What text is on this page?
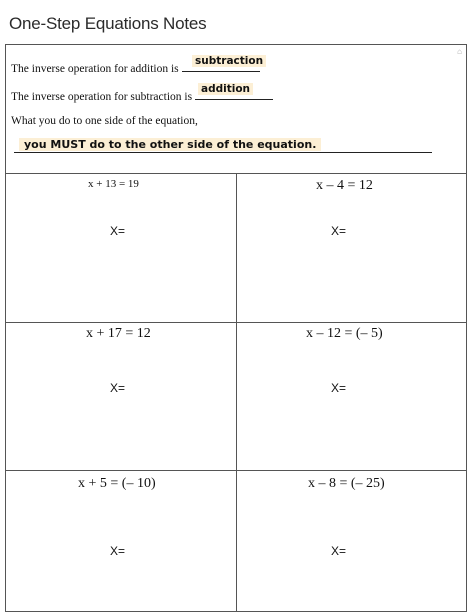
One-Step Equations Notes
⌂
The inverse operation for addition is
subtraction
The inverse operation for subtraction is
addition
What you do to one side of the equation,
you MUST do to the other side of the equation.
x + 13 = 19
X=
x – 4 = 12
X=
x + 17 = 12
X=
x – 12 = (– 5)
X=
x + 5 = (– 10)
X=
x – 8 = (– 25)
X=
